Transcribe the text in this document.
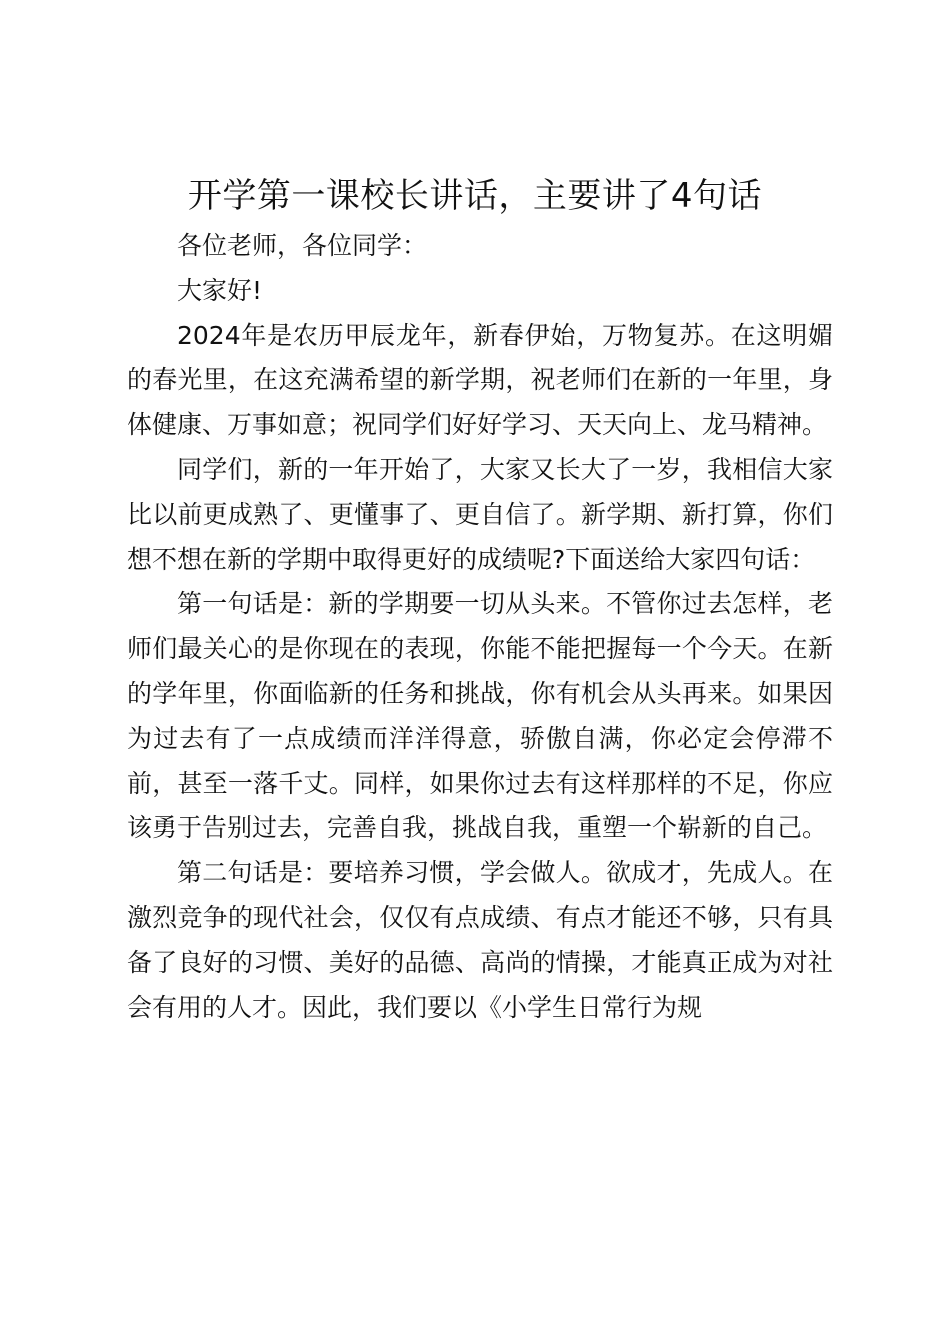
开学第一课校长讲话，主要讲了4句话

各位老师，各位同学：

大家好!

2024年是农历甲辰龙年，新春伊始，万物复苏。在这明媚的春光里，在这充满希望的新学期，祝老师们在新的一年里，身体健康、万事如意；祝同学们好好学习、天天向上、龙马精神。

同学们，新的一年开始了，大家又长大了一岁，我相信大家比以前更成熟了、更懂事了、更自信了。新学期、新打算，你们想不想在新的学期中取得更好的成绩呢?下面送给大家四句话：

第一句话是：新的学期要一切从头来。不管你过去怎样，老师们最关心的是你现在的表现，你能不能把握每一个今天。在新的学年里，你面临新的任务和挑战，你有机会从头再来。如果因为过去有了一点成绩而洋洋得意，骄傲自满，你必定会停滞不前，甚至一落千丈。同样，如果你过去有这样那样的不足，你应该勇于告别过去，完善自我，挑战自我，重塑一个崭新的自己。

第二句话是：要培养习惯，学会做人。欲成才，先成人。在激烈竞争的现代社会，仅仅有点成绩、有点才能还不够，只有具备了良好的习惯、美好的品德、高尚的情操，才能真正成为对社会有用的人才。因此，我们要以《小学生日常行为规
